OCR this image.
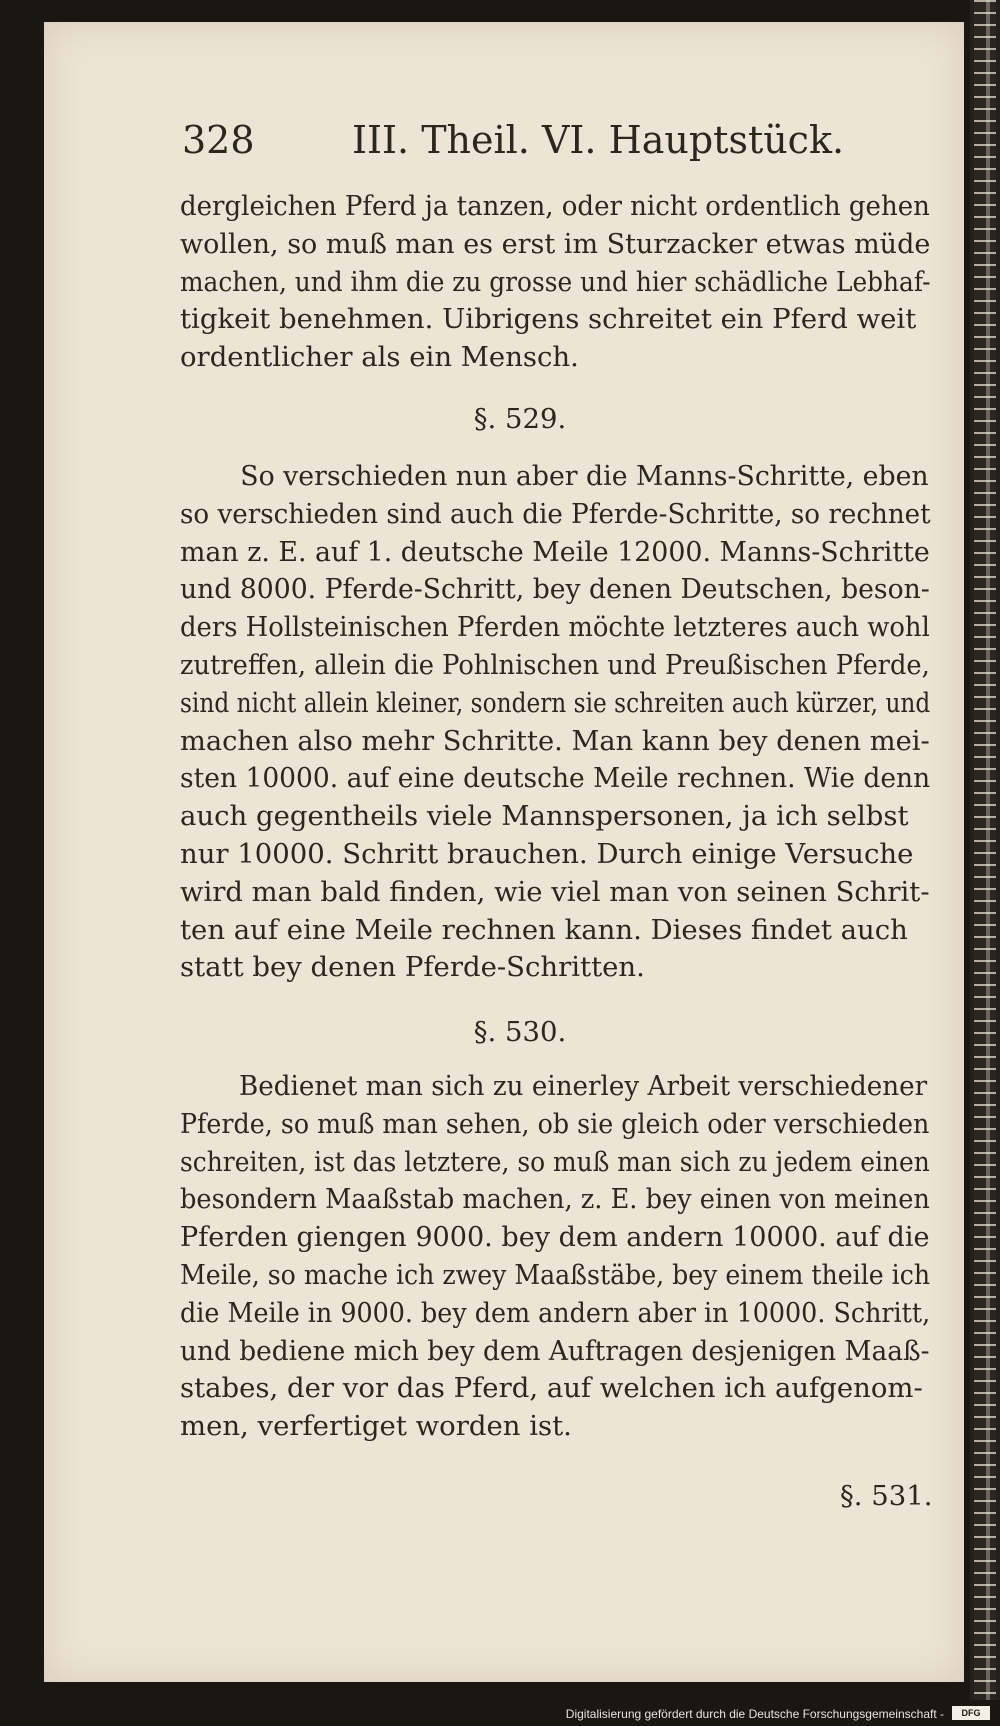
328	III. Theil. VI. Hauptstück.
dergleichen Pferd ja tanzen, oder nicht ordentlich gehen
wollen, so muß man es erst im Sturzacker etwas müde
machen, und ihm die zu grosse und hier schädliche Lebhaf-
tigkeit benehmen. Uibrigens schreitet ein Pferd weit
ordentlicher als ein Mensch.
§. 529.
So verschieden nun aber die Manns-Schritte, eben
so verschieden sind auch die Pferde-Schritte, so rechnet
man z. E. auf 1. deutsche Meile 12000. Manns-Schritte
und 8000. Pferde-Schritt, bey denen Deutschen, beson-
ders Hollsteinischen Pferden möchte letzteres auch wohl
zutreffen, allein die Pohlnischen und Preußischen Pferde,
sind nicht allein kleiner, sondern sie schreiten auch kürzer, und
machen also mehr Schritte. Man kann bey denen mei-
sten 10000. auf eine deutsche Meile rechnen. Wie denn
auch gegentheils viele Mannspersonen, ja ich selbst
nur 10000. Schritt brauchen. Durch einige Versuche
wird man bald finden, wie viel man von seinen Schrit-
ten auf eine Meile rechnen kann. Dieses findet auch
statt bey denen Pferde-Schritten.
§. 530.
Bedienet man sich zu einerley Arbeit verschiedener
Pferde, so muß man sehen, ob sie gleich oder verschieden
schreiten, ist das letztere, so muß man sich zu jedem einen
besondern Maaßstab machen, z. E. bey einen von meinen
Pferden giengen 9000. bey dem andern 10000. auf die
Meile, so mache ich zwey Maaßstäbe, bey einem theile ich
die Meile in 9000. bey dem andern aber in 10000. Schritt,
und bediene mich bey dem Auftragen desjenigen Maaß-
stabes, der vor das Pferd, auf welchen ich aufgenom-
men, verfertiget worden ist.
§. 531.
Digitalisierung gefördert durch die Deutsche Forschungsgemeinschaft -	DFG
